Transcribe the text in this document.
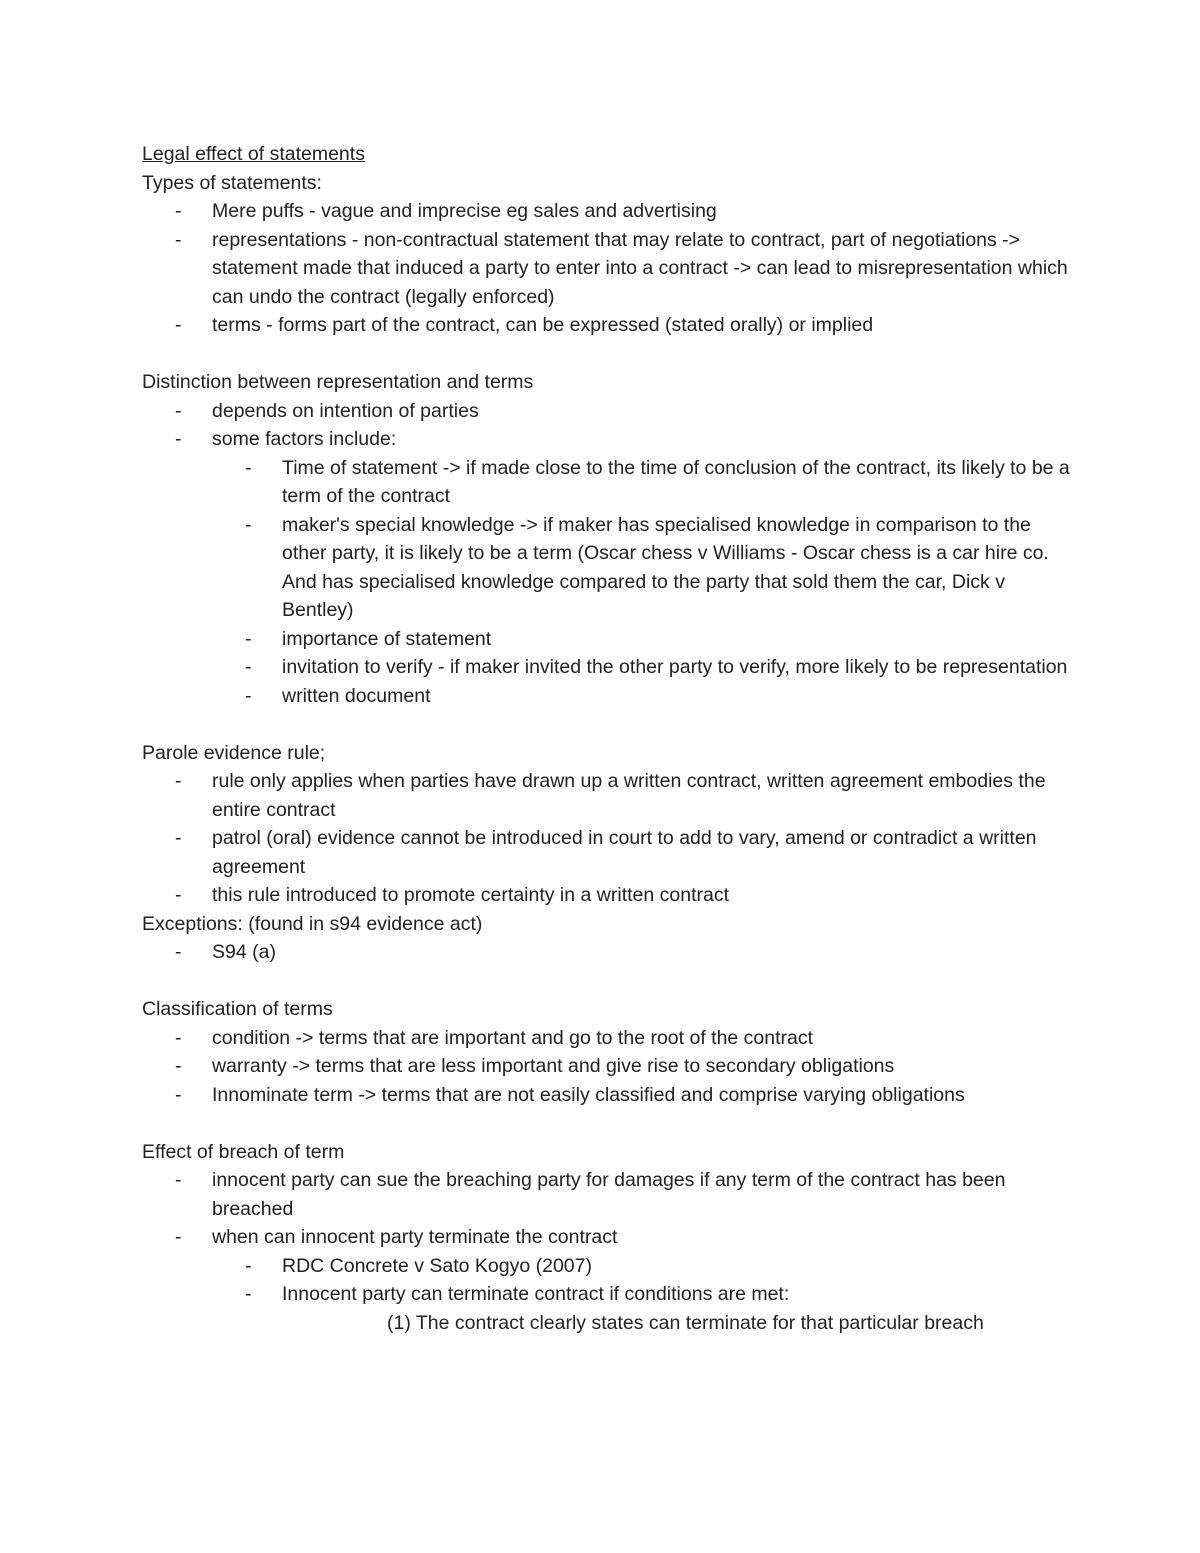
Legal effect of statements
Types of statements:
- Mere puffs - vague and imprecise eg sales and advertising
- representations - non-contractual statement that may relate to contract, part of negotiations -> statement made that induced a party to enter into a contract -> can lead to misrepresentation which can undo the contract (legally enforced)
- terms - forms part of the contract, can be expressed (stated orally) or implied
Distinction between representation and terms
- depends on intention of parties
- some factors include:
- Time of statement -> if made close to the time of conclusion of the contract, its likely to be a term of the contract
- maker's special knowledge -> if maker has specialised knowledge in comparison to the other party, it is likely to be a term (Oscar chess v Williams - Oscar chess is a car hire co. And has specialised knowledge compared to the party that sold them the car, Dick v Bentley)
- importance of statement
- invitation to verify - if maker invited the other party to verify, more likely to be representation
- written document
Parole evidence rule;
- rule only applies when parties have drawn up a written contract, written agreement embodies the entire contract
- patrol (oral) evidence cannot be introduced in court to add to vary, amend or contradict a written agreement
- this rule introduced to promote certainty in a written contract
Exceptions: (found in s94 evidence act)
- S94 (a)
Classification of terms
- condition -> terms that are important and go to the root of the contract
- warranty -> terms that are less important and give rise to secondary obligations
- Innominate term -> terms that are not easily classified and comprise varying obligations
Effect of breach of term
- innocent party can sue the breaching party for damages if any term of the contract has been breached
- when can innocent party terminate the contract
- RDC Concrete v Sato Kogyo (2007)
- Innocent party can terminate contract if conditions are met:
(1) The contract clearly states can terminate for that particular breach
